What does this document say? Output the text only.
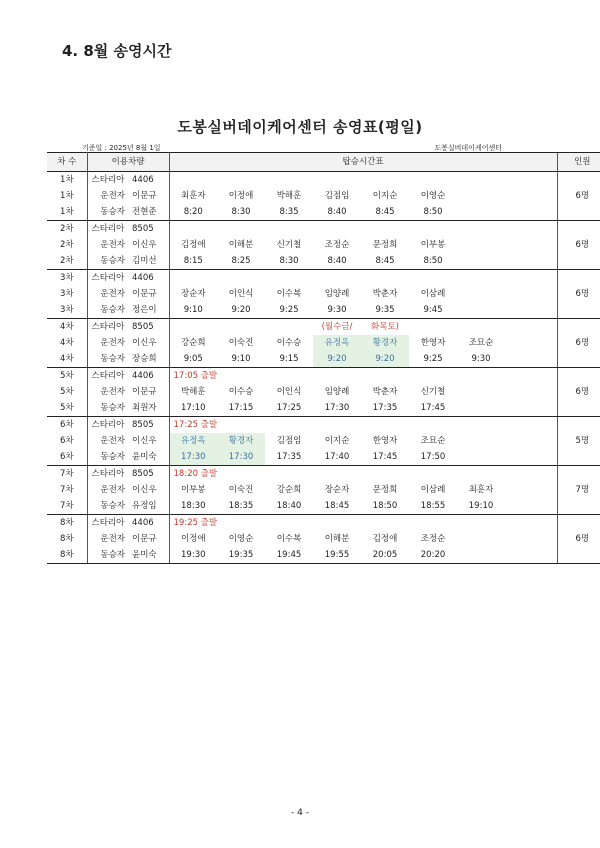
4. 8월 송영시간
도봉실버데이케어센터 송영표(평일)
기준일 : 2025년 8월 1일	도봉실버데이케어센터
차 수	이용차량		탑승시간표									인원
1차	스타리아	4406										
1차	운전자	이문규	최훈자	이정애	박해훈	김점임	이지순	이영순				6명
1차	동승자	전현준	8:20	8:30	8:35	8:40	8:45	8:50				
2차	스타리아	8505										
2차	운전자	이신우	김정애	이해분	신기철	조정순	문정희	이부봉				6명
2차	동승자	김미선	8:15	8:25	8:30	8:40	8:45	8:50				
3차	스타리아	4406										
3차	운전자	이문규	장순자	이인식	이수복	임양례	박춘자	이삼례				6명
3차	동승자	정은이	9:10	9:20	9:25	9:30	9:35	9:45				
4차	스타리아	8505				(월수금/	화목토)					
4차	운전자	이신우	강순희	이숙진	이수승	유정옥	황경자	한영자	조묘순			6명
4차	동승자	장승희	9:05	9:10	9:15	9:20	9:20	9:25	9:30			
5차	스타리아	4406	17:05 출발									
5차	운전자	이문규	박해훈	이수승	이인식	임양례	박춘자	신기철				6명
5차	동승자	최원자	17:10	17:15	17:25	17:30	17:35	17:45				
6차	스타리아	8505	17:25 출발									
6차	운전자	이신우	유정옥	황경자	김점임	이지순	한영자	조묘순				5명
6차	동승자	윤미숙	17:30	17:30	17:35	17:40	17:45	17:50				
7차	스타리아	8505	18:20 출발									
7차	운전자	이신우	이부봉	이숙진	강순희	장순자	문정희	이삼례	최훈자			7명
7차	동승자	유정임	18:30	18:35	18:40	18:45	18:50	18:55	19:10			
8차	스타리아	4406	19:25 출발									
8차	운전자	이문규	이정애	이영순	이수복	이해분	김정애	조정순				6명
8차	동승자	윤미숙	19:30	19:35	19:45	19:55	20:05	20:20				
- 4 -
